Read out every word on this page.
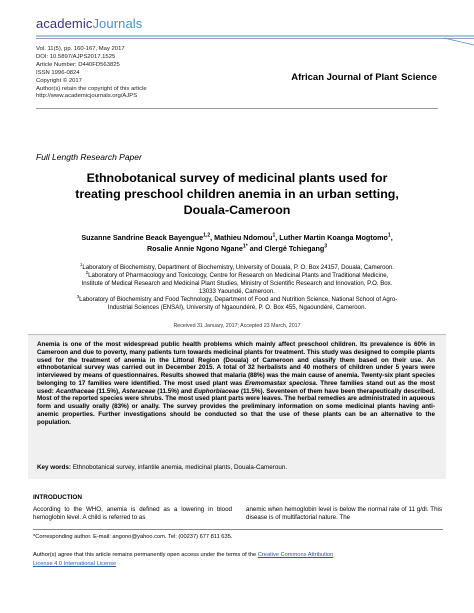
academicJournals
Vol. 11(5), pp. 160-167, May 2017
DOI: 10.5897/AJPS2017.1525
Article Number: D440FD563825
ISSN 1996-0824
Copyright © 2017
Author(s) retain the copyright of this article
http://www.academicjournals.org/AJPS
African Journal of Plant Science
Full Length Research Paper
Ethnobotanical survey of medicinal plants used for
treating preschool children anemia in an urban setting,
Douala-Cameroon
Suzanne Sandrine Beack Bayengue$^{1,2}$, Mathieu Ndomou$^1$, Luther Martin Koanga Mogtomo$^1$,
Rosalie Annie Ngono Ngane$^{1*}$ and Clergé Tchiegang$^3$
$^1$Laboratory of Biochemistry, Department of Biochemistry, University of Douala, P. O. Box 24157, Douala, Cameroon.
$^2$Laboratory of Pharmacology and Toxicology, Centre for Research on Medicinal Plants and Traditional Medicine,
Institute of Medical Research and Medicinal Plant Studies, Ministry of Scientific Research and Innovation, P.O. Box.
13033 Yaoundé, Cameroon.
$^3$Laboratory of Biochemistry and Food Technology, Department of Food and Nutrition Science, National School of Agro-
Industrial Sciences (ENSAI), University of Ngaoundéré, P. O. Box 455, Ngaoundéré, Cameroon.
Received 31 January, 2017; Accepted 23 March, 2017
Anemia is one of the most widespread public health problems which mainly affect preschool children. Its prevalence is 60% in Cameroon and due to poverty, many patients turn towards medicinal plants for treatment. This study was designed to compile plants used for the treatment of anemia in the Littoral Region (Douala) of Cameroon and classify them based on their use. An ethnobotanical survey was carried out in December 2015. A total of 32 herbalists and 40 mothers of children under 5 years were interviewed by means of questionnaires. Results showed that malaria (88%) was the main cause of anemia. Twenty-six plant species belonging to 17 families were identified. The most used plant was Eremomastax speciosa. Three families stand out as the most used: Acanthaceae (11.5%), Asteraceae (11.5%) and Euphorbiaceae (11.5%). Seventeen of them have been therapeutically described. Most of the reported species were shrubs. The most used plant parts were leaves. The herbal remedies are administrated in aqueous form and usually orally (83%) or anally. The survey provides the preliminary information on some medicinal plants having anti-anemic properties. Further investigations should be conducted so that the use of these plants can be an alternative to the population.
Key words: Ethnobotanical survey, infantile anemia, medicinal plants, Douala-Cameroun.
INTRODUCTION
According to the WHO, anemia is defined as a lowering in blood hemoglobin level. A child is referred to as
anemic when hemoglobin level is below the normal rate of 11 g/dl. This disease is of multifactorial nature. The
*Corresponding author. E-mail: angono@yahoo.com. Tel: (00237) 677 811 635.
Author(s) agree that this article remains permanently open access under the terms of the Creative Commons Attribution
License 4.0 International License
